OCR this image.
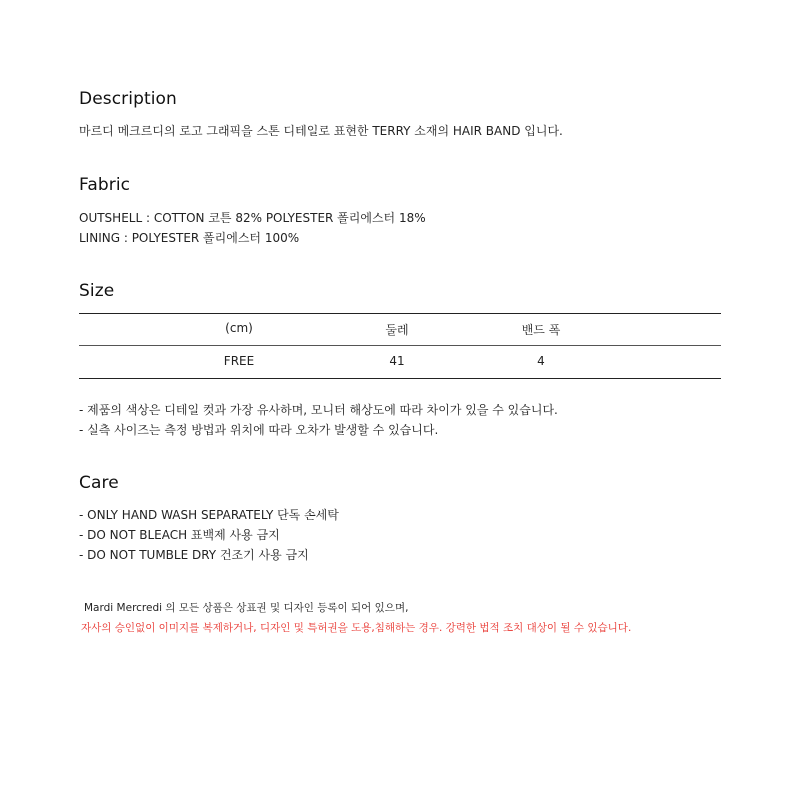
Description

마르디 메크르디의 로고 그래픽을 스톤 디테일로 표현한 TERRY 소재의 HAIR BAND 입니다.

Fabric

OUTSHELL : COTTON 코튼 82% POLYESTER 폴리에스터 18%

LINING : POLYESTER 폴리에스터 100%

Size
(cm)	둘레	밴드 폭
FREE	41	4

- 제품의 색상은 디테일 컷과 가장 유사하며, 모니터 해상도에 따라 차이가 있을 수 있습니다.

- 실측 사이즈는 측정 방법과 위치에 따라 오차가 발생할 수 있습니다.

Care

- ONLY HAND WASH SEPARATELY 단독 손세탁

- DO NOT BLEACH 표백제 사용 금지

- DO NOT TUMBLE DRY 건조기 사용 금지

Mardi Mercredi 의 모든 상품은 상표권 및 디자인 등록이 되어 있으며,

자사의 승인없이 이미지를 복제하거나, 디자인 및 특허권을 도용,침해하는 경우. 강력한 법적 조치 대상이 될 수 있습니다.
